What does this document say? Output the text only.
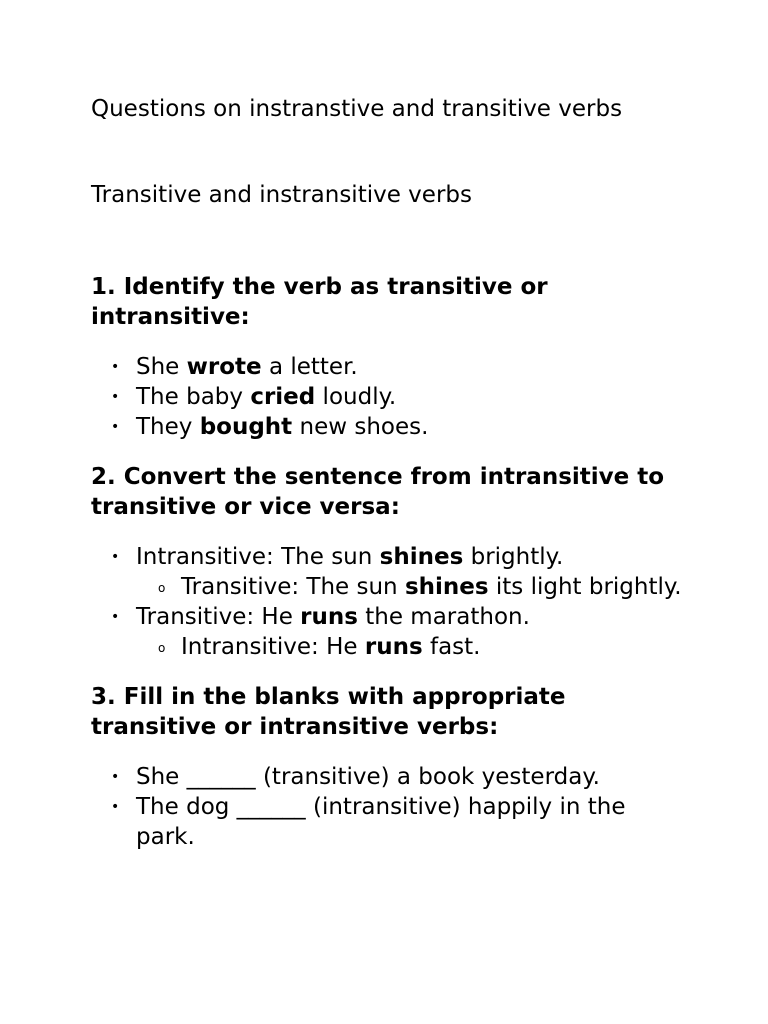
Questions on instranstive and transitive verbs
Transitive and instransitive verbs
1. Identify the verb as transitive or intransitive:
• She wrote a letter.
• The baby cried loudly.
• They bought new shoes.
2. Convert the sentence from intransitive to transitive or vice versa:
• Intransitive: The sun shines brightly.
o Transitive: The sun shines its light brightly.
• Transitive: He runs the marathon.
o Intransitive: He runs fast.
3. Fill in the blanks with appropriate transitive or intransitive verbs:
• She ______ (transitive) a book yesterday.
• The dog ______ (intransitive) happily in the park.
